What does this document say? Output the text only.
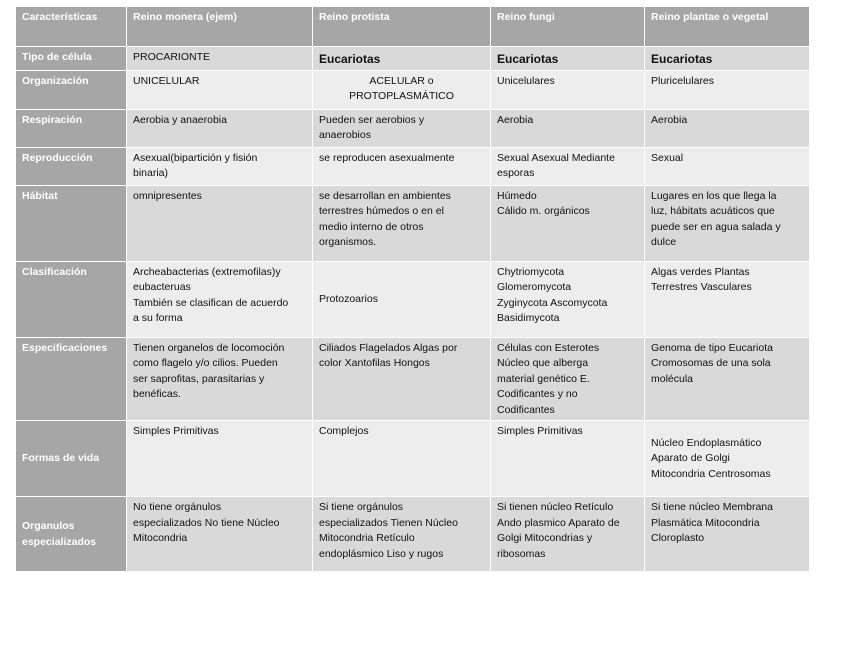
Características	Reino monera (ejem)	Reino protista	Reino fungi	Reino plantae o vegetal
Tipo de célula	PROCARIONTE	Eucariotas	Eucariotas	Eucariotas
Organización	UNICELULAR	ACELULAR o
PROTOPLASMÁTICO	Unicelulares	Pluricelulares
Respiración	Aerobia y anaerobia	Pueden ser aerobios y
anaerobios	Aerobia	Aerobia
Reproducción	Asexual(bipartición y fisión
binaria)	se reproducen asexualmente	Sexual Asexual Mediante
esporas	Sexual
Hábitat	omnipresentes	se desarrollan en ambientes
terrestres húmedos o en el
medio interno de otros
organismos.	Húmedo
Cálido m. orgánicos	Lugares en los que llega la
luz, hábitats acuáticos que
puede ser en agua salada y
dulce
Clasificación	Archeabacterias (extremofilas)y
eubacteruas
También se clasifican de acuerdo
a su forma	Protozoarios	Chytriomycota
Glomeromycota
Zyginycota Ascomycota
Basidimycota	Algas verdes Plantas
Terrestres Vasculares
Especificaciones	Tienen organelos de locomoción
como flagelo y/o cilios. Pueden
ser saprofitas, parasitarias y
benéficas.	Ciliados Flagelados Algas por
color Xantofilas Hongos	Células con Esterotes
Núcleo que alberga
material genético E.
Codificantes y no
Codificantes	Genoma de tipo Eucariota
Cromosomas de una sola
molécula
Formas de vida	Simples Primitivas	Complejos	Simples Primitivas	Núcleo Endoplasmático
Aparato de Golgi
Mitocondria Centrosomas
Organulos
especializados	No tiene orgánulos
especializados No tiene Núcleo
Mitocondria	Si tiene orgánulos
especializados Tienen Núcleo
Mitocondria Retículo
endoplásmico Liso y rugos	Si tienen núcleo Retículo
Ando plasmico Aparato de
Golgi Mitocondrias y
ribosomas	Si tiene núcleo Membrana
Plasmática Mitocondria
Cloroplasto
